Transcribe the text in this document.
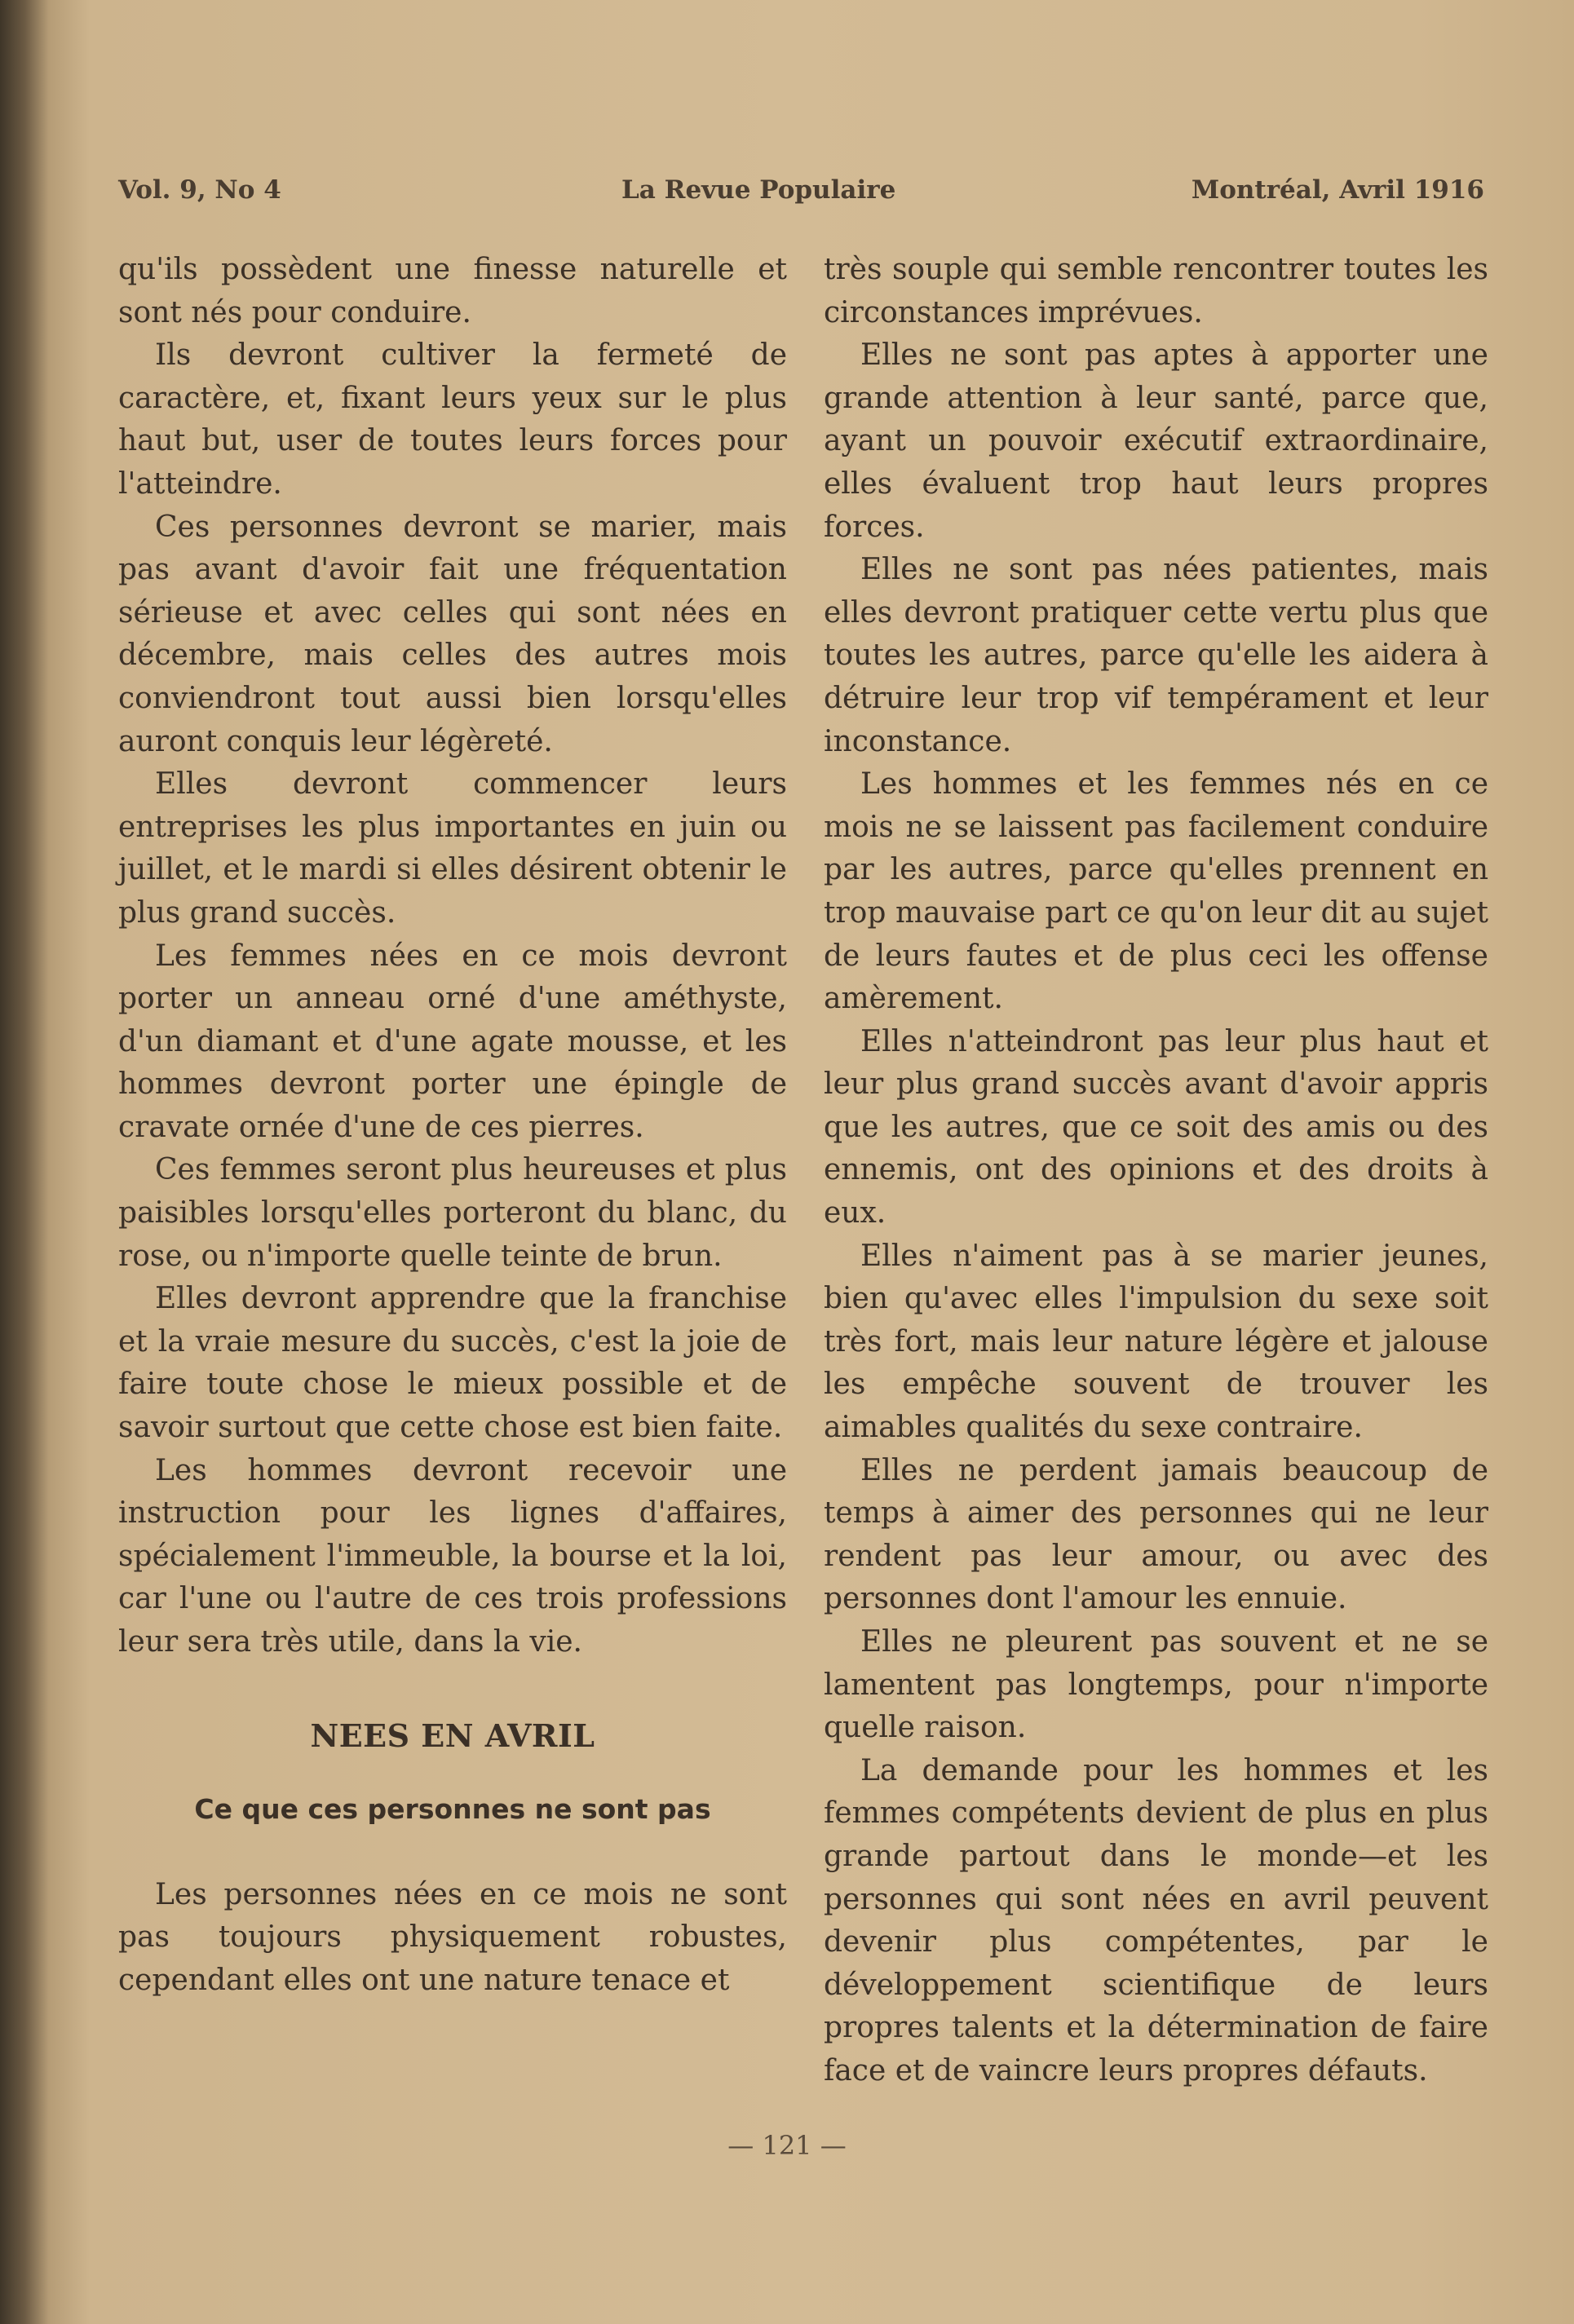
Vol. 9, No 4	La Revue Populaire	Montréal, Avril 1916

qu'ils possèdent une finesse naturelle et sont nés pour conduire.

Ils devront cultiver la fermeté de caractère, et, fixant leurs yeux sur le plus haut but, user de toutes leurs forces pour l'atteindre.

Ces personnes devront se marier, mais pas avant d'avoir fait une fréquentation sérieuse et avec celles qui sont nées en décembre, mais celles des autres mois conviendront tout aussi bien lorsqu'elles auront conquis leur légèreté.

Elles devront commencer leurs entreprises les plus importantes en juin ou juillet, et le mardi si elles désirent obtenir le plus grand succès.

Les femmes nées en ce mois devront porter un anneau orné d'une améthyste, d'un diamant et d'une agate mousse, et les hommes devront porter une épingle de cravate ornée d'une de ces pierres.

Ces femmes seront plus heureuses et plus paisibles lorsqu'elles porteront du blanc, du rose, ou n'importe quelle teinte de brun.

Elles devront apprendre que la franchise et la vraie mesure du succès, c'est la joie de faire toute chose le mieux possible et de savoir surtout que cette chose est bien faite.

Les hommes devront recevoir une instruction pour les lignes d'affaires, spécialement l'immeuble, la bourse et la loi, car l'une ou l'autre de ces trois professions leur sera très utile, dans la vie.

NEES EN AVRIL
Ce que ces personnes ne sont pas

Les personnes nées en ce mois ne sont pas toujours physiquement robustes, cependant elles ont une nature tenace et

très souple qui semble rencontrer toutes les circonstances imprévues.

Elles ne sont pas aptes à apporter une grande attention à leur santé, parce que, ayant un pouvoir exécutif extraordinaire, elles évaluent trop haut leurs propres forces.

Elles ne sont pas nées patientes, mais elles devront pratiquer cette vertu plus que toutes les autres, parce qu'elle les aidera à détruire leur trop vif tempérament et leur inconstance.

Les hommes et les femmes nés en ce mois ne se laissent pas facilement conduire par les autres, parce qu'elles prennent en trop mauvaise part ce qu'on leur dit au sujet de leurs fautes et de plus ceci les offense amèrement.

Elles n'atteindront pas leur plus haut et leur plus grand succès avant d'avoir appris que les autres, que ce soit des amis ou des ennemis, ont des opinions et des droits à eux.

Elles n'aiment pas à se marier jeunes, bien qu'avec elles l'impulsion du sexe soit très fort, mais leur nature légère et jalouse les empêche souvent de trouver les aimables qualités du sexe contraire.

Elles ne perdent jamais beaucoup de temps à aimer des personnes qui ne leur rendent pas leur amour, ou avec des personnes dont l'amour les ennuie.

Elles ne pleurent pas souvent et ne se lamentent pas longtemps, pour n'importe quelle raison.

La demande pour les hommes et les femmes compétents devient de plus en plus grande partout dans le monde—et les personnes qui sont nées en avril peuvent devenir plus compétentes, par le développement scientifique de leurs propres talents et la détermination de faire face et de vaincre leurs propres défauts.

— 121 —
